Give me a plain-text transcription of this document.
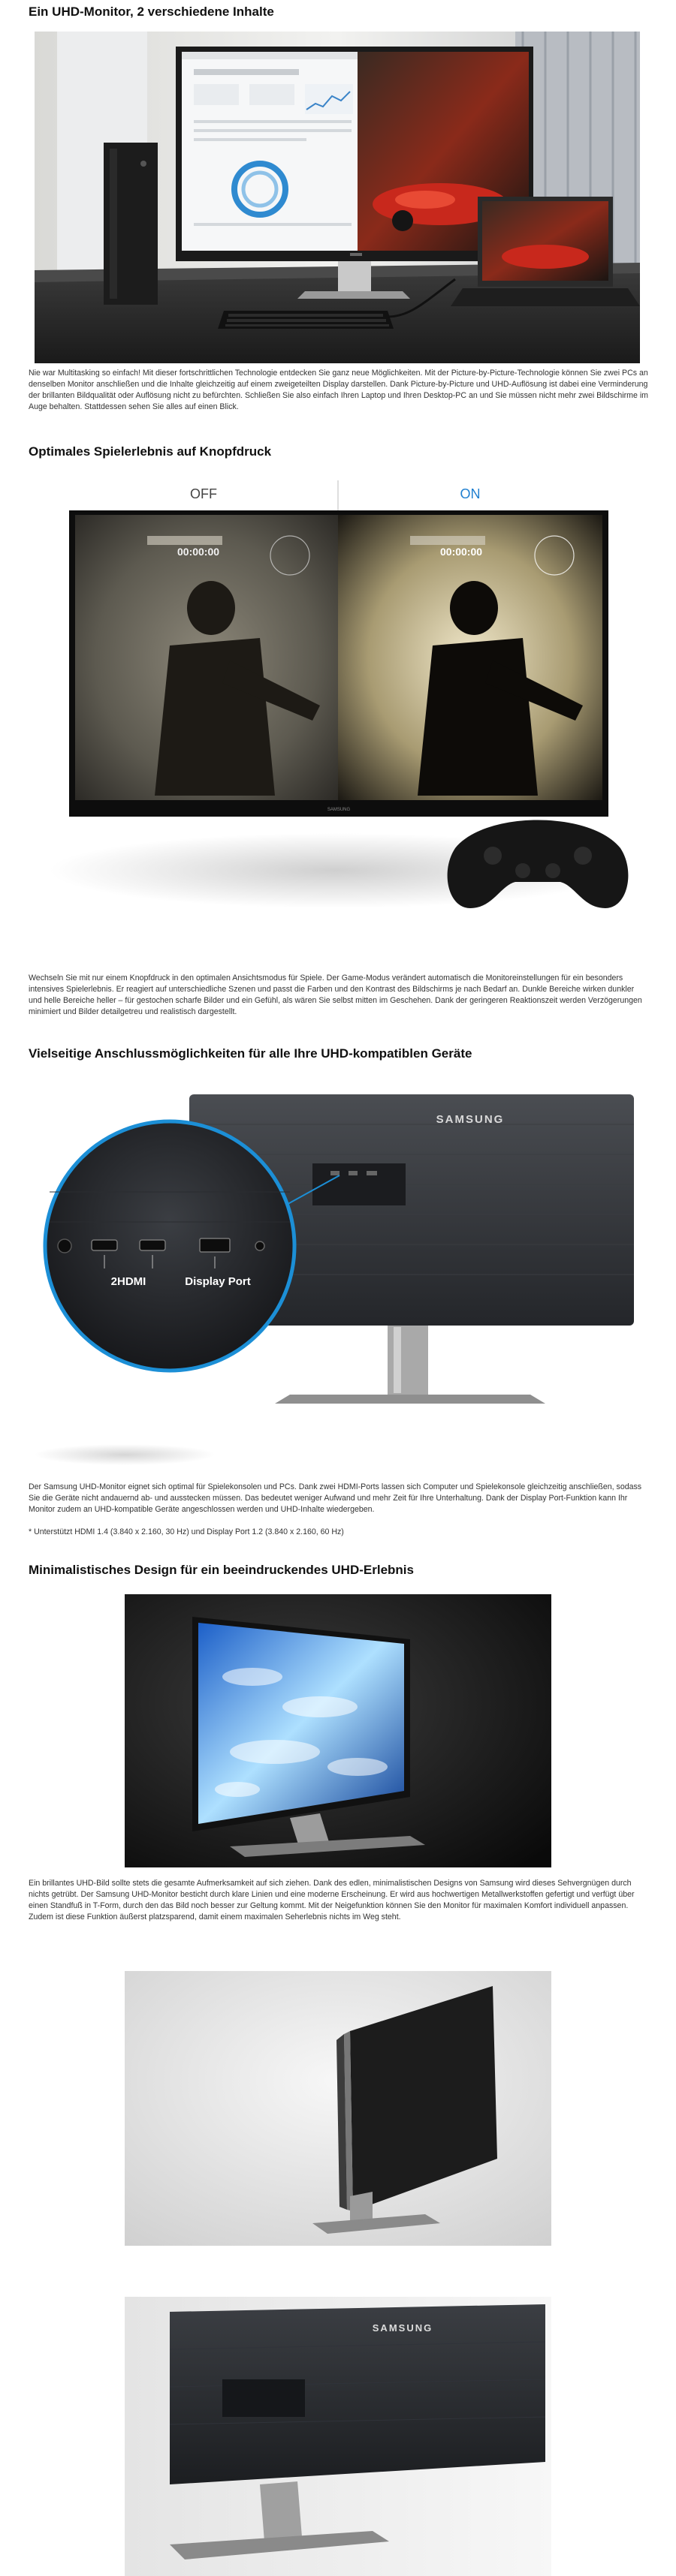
Ein UHD-Monitor, 2 verschiedene Inhalte

Nie war Multitasking so einfach! Mit dieser fortschrittlichen Technologie entdecken Sie ganz neue Möglichkeiten. Mit der Picture-by-Picture-Technologie können Sie zwei PCs an denselben Monitor anschließen und die Inhalte gleichzeitig auf einem zweigeteilten Display darstellen. Dank Picture-by-Picture und UHD-Auflösung ist dabei eine Verminderung der brillanten Bildqualität oder Auflösung nicht zu befürchten. Schließen Sie also einfach Ihren Laptop und Ihren Desktop-PC an und Sie müssen nicht mehr zwei Bildschirme im Auge behalten. Stattdessen sehen Sie alles auf einen Blick.

Optimales Spielerlebnis auf Knopfdruck
OFF	ON
00:00:00	00:00:00
SAMSUNG

Wechseln Sie mit nur einem Knopfdruck in den optimalen Ansichtsmodus für Spiele. Der Game-Modus verändert automatisch die Monitoreinstellungen für ein besonders intensives Spielerlebnis. Er reagiert auf unterschiedliche Szenen und passt die Farben und den Kontrast des Bildschirms je nach Bedarf an. Dunkle Bereiche wirken dunkler und helle Bereiche heller – für gestochen scharfe Bilder und ein Gefühl, als wären Sie selbst mitten im Geschehen. Dank der geringeren Reaktionszeit werden Verzögerungen minimiert und Bilder detailgetreu und realistisch dargestellt.

Vielseitige Anschlussmöglichkeiten für alle Ihre UHD-kompatiblen Geräte
SAMSUNG
2HDMI	Display Port

Der Samsung UHD-Monitor eignet sich optimal für Spielekonsolen und PCs. Dank zwei HDMI-Ports lassen sich Computer und Spielekonsole gleichzeitig anschließen, sodass Sie die Geräte nicht andauernd ab- und ausstecken müssen. Das bedeutet weniger Aufwand und mehr Zeit für Ihre Unterhaltung. Dank der Display Port-Funktion kann Ihr Monitor zudem an UHD-kompatible Geräte angeschlossen werden und UHD-Inhalte wiedergeben.

* Unterstützt HDMI 1.4 (3.840 x 2.160, 30 Hz) und Display Port 1.2 (3.840 x 2.160, 60 Hz)

Minimalistisches Design für ein beeindruckendes UHD-Erlebnis

Ein brillantes UHD-Bild sollte stets die gesamte Aufmerksamkeit auf sich ziehen. Dank des edlen, minimalistischen Designs von Samsung wird dieses Sehvergnügen durch nichts getrübt. Der Samsung UHD-Monitor besticht durch klare Linien und eine moderne Erscheinung. Er wird aus hochwertigen Metallwerkstoffen gefertigt und verfügt über einen Standfuß in T-Form, durch den das Bild noch besser zur Geltung kommt. Mit der Neigefunktion können Sie den Monitor für maximalen Komfort individuell anpassen. Zudem ist diese Funktion äußerst platzsparend, damit einem maximalen Seherlebnis nichts im Weg steht.

SAMSUNG
